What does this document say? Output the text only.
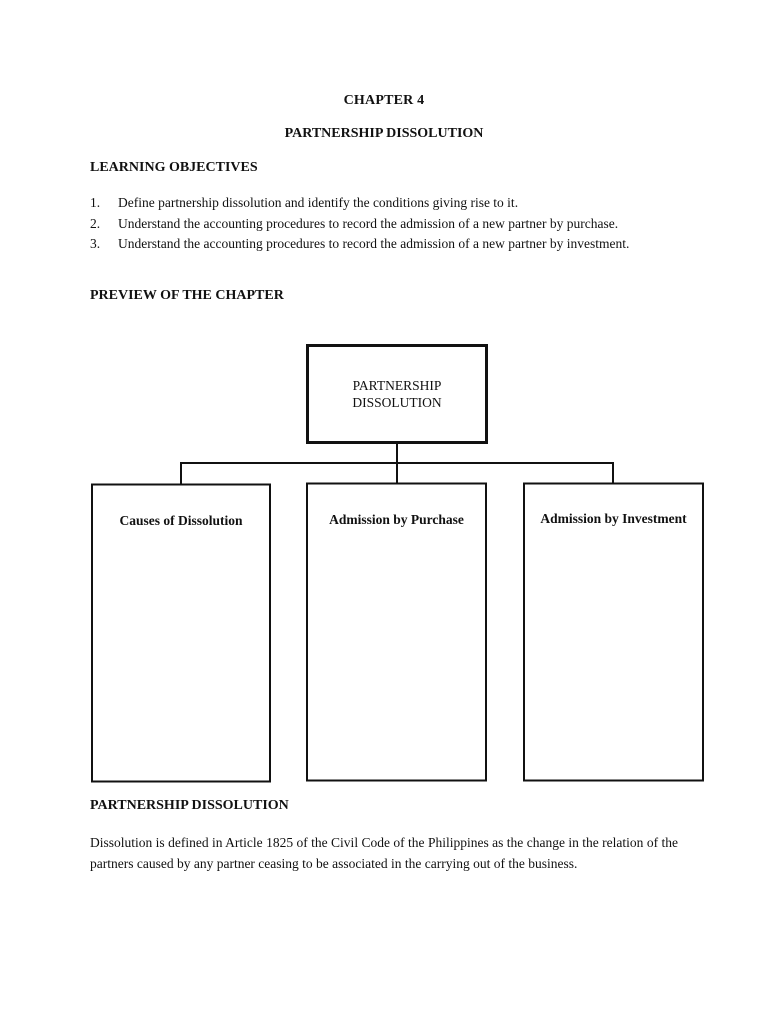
CHAPTER 4
PARTNERSHIP DISSOLUTION
LEARNING OBJECTIVES
1.	Define partnership dissolution and identify the conditions giving rise to it.
2.	Understand the accounting procedures to record the admission of a new partner by purchase.
3.	Understand the accounting procedures to record the admission of a new partner by investment.
PREVIEW OF THE CHAPTER
PARTNERSHIP
DISSOLUTION
Causes of Dissolution	Admission by Purchase	Admission by Investment
PARTNERSHIP DISSOLUTION

Dissolution is defined in Article 1825 of the Civil Code of the Philippines as the change in the relation of the partners caused by any partner ceasing to be associated in the carrying out of the business.
